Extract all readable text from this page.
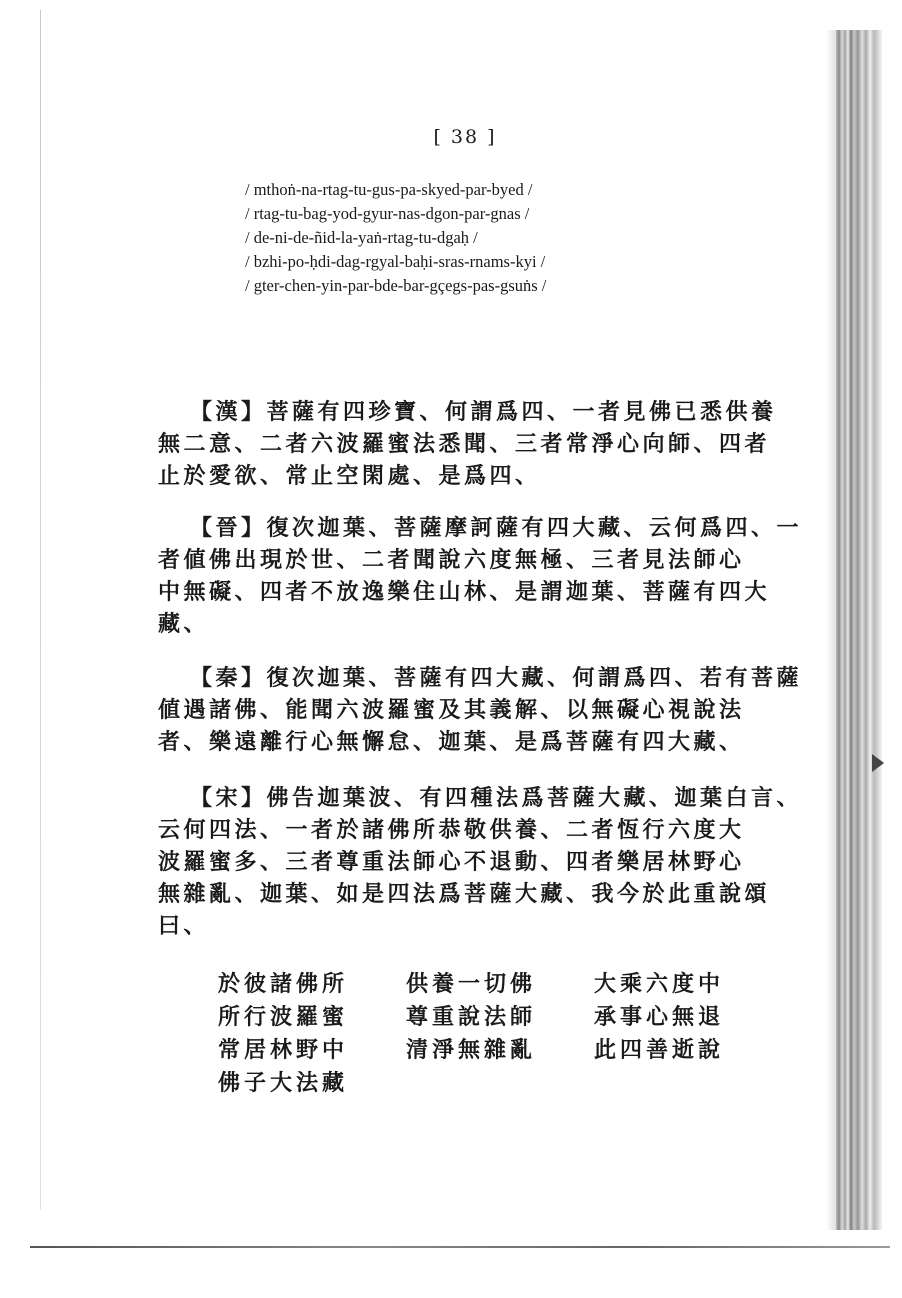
[ 38 ]
/ mthoṅ-na-rtag-tu-gus-pa-skyed-par-byed /
/ rtag-tu-bag-yod-gyur-nas-dgon-par-gnas /
/ de-ni-de-ñid-la-yaṅ-rtag-tu-dgaḥ /
/ bzhi-po-ḥdi-dag-rgyal-baḥi-sras-rnams-kyi /
/ gter-chen-yin-par-bde-bar-gçegs-pas-gsuṅs /
【漢】菩薩有四珍寶、何謂爲四、一者見佛已悉供養
無二意、二者六波羅蜜法悉聞、三者常淨心向師、四者
止於愛欲、常止空閑處、是爲四、
【晉】復次迦葉、菩薩摩訶薩有四大藏、云何爲四、一
者値佛出現於世、二者聞說六度無極、三者見法師心
中無礙、四者不放逸樂住山林、是謂迦葉、菩薩有四大
藏、
【秦】復次迦葉、菩薩有四大藏、何謂爲四、若有菩薩
値遇諸佛、能聞六波羅蜜及其義解、以無礙心視說法
者、樂遠離行心無懈怠、迦葉、是爲菩薩有四大藏、
【宋】佛告迦葉波、有四種法爲菩薩大藏、迦葉白言、
云何四法、一者於諸佛所恭敬供養、二者恆行六度大
波羅蜜多、三者尊重法師心不退動、四者樂居林野心
無雜亂、迦葉、如是四法爲菩薩大藏、我今於此重說頌
曰、
於彼諸佛所	供養一切佛	大乘六度中
所行波羅蜜	尊重說法師	承事心無退
常居林野中	清淨無雜亂	此四善逝說
佛子大法藏
